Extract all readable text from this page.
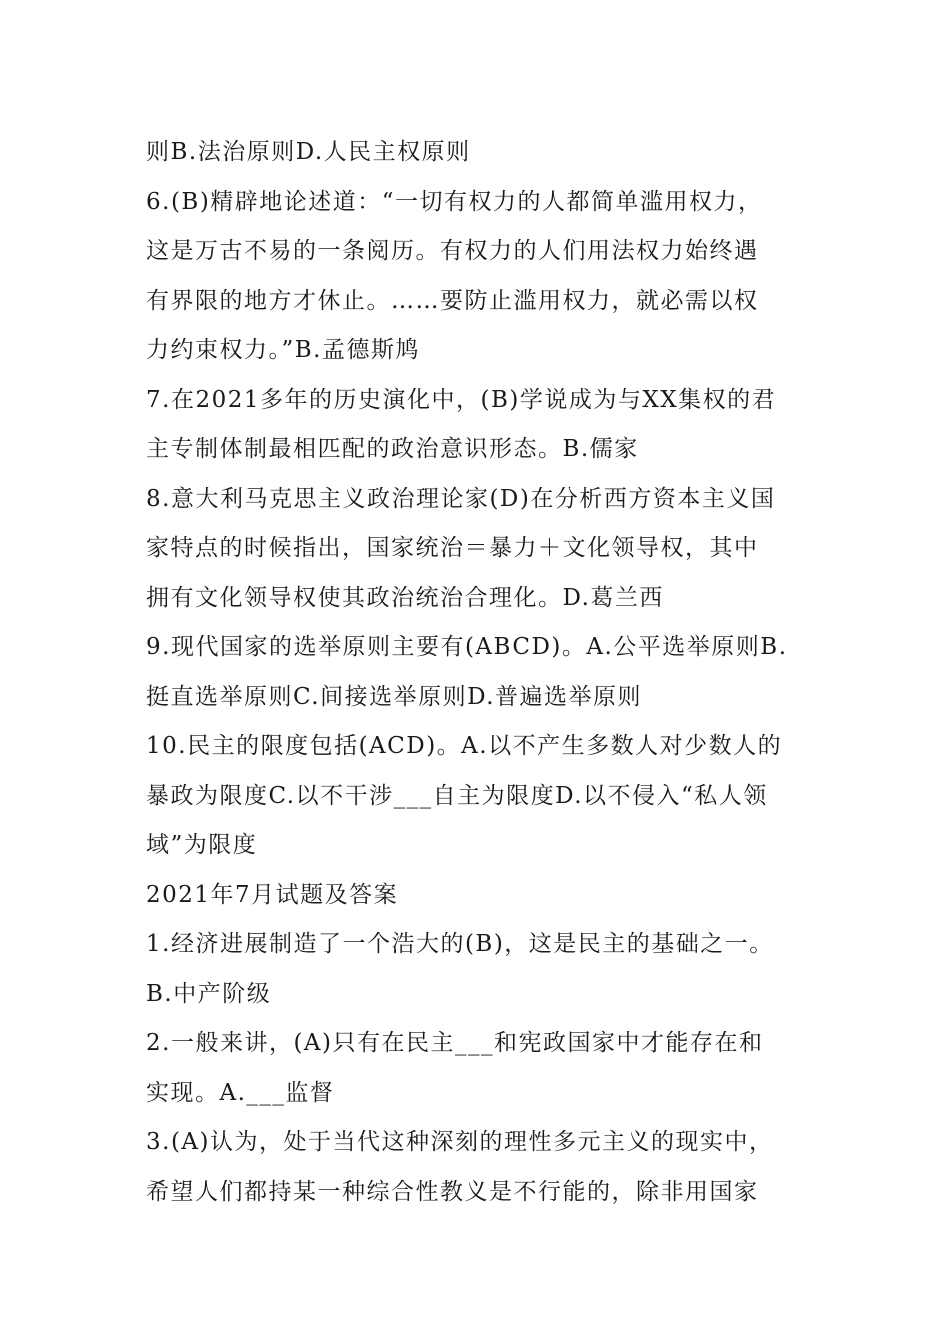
则B.法治原则D.人民主权原则
6.(B)精辟地论述道：“一切有权力的人都简单滥用权力，
这是万古不易的一条阅历。有权力的人们用法权力始终遇
有界限的地方才休止。……要防止滥用权力，就必需以权
力约束权力。”B.孟德斯鸠
7.在2021多年的历史演化中，(B)学说成为与XX集权的君
主专制体制最相匹配的政治意识形态。B.儒家
8.意大利马克思主义政治理论家(D)在分析西方资本主义国
家特点的时候指出，国家统治＝暴力＋文化领导权，其中
拥有文化领导权使其政治统治合理化。D.葛兰西
9.现代国家的选举原则主要有(ABCD)。A.公平选举原则B.
挺直选举原则C.间接选举原则D.普遍选举原则
10.民主的限度包括(ACD)。A.以不产生多数人对少数人的
暴政为限度C.以不干涉___自主为限度D.以不侵入“私人领
域”为限度
2021年7月试题及答案
1.经济进展制造了一个浩大的(B)，这是民主的基础之一。
B.中产阶级
2.一般来讲，(A)只有在民主___和宪政国家中才能存在和
实现。A.___监督
3.(A)认为，处于当代这种深刻的理性多元主义的现实中，
希望人们都持某一种综合性教义是不行能的，除非用国家
